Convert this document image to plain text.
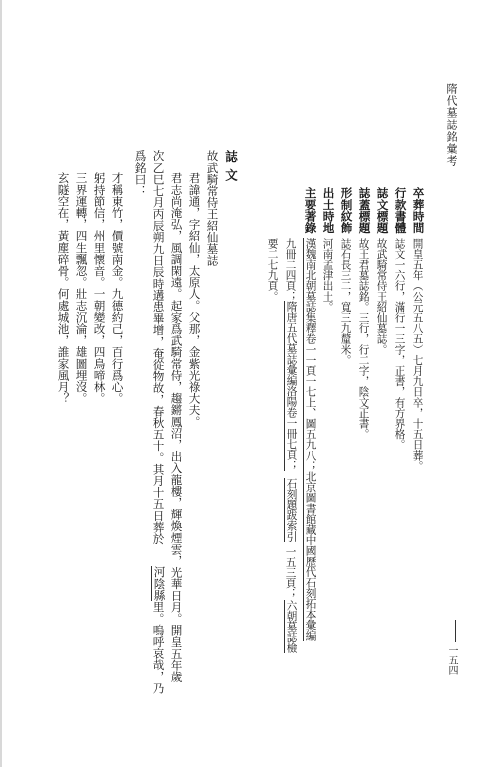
隋代墓誌銘彙考
卒葬時間
開皇五年（公元五八五）七月九日卒，十五日葬。
行款書體
誌文一六行，滿行一三字，正書，有方界格。
誌文標題
故武騎常侍王紹仙墓誌。
誌蓋標題
故王君墓誌銘。三行，行二字，陰文正書。
形制紋飾
誌石長三二，寬三九釐米。
出土時地
河南孟津出土。
主要著錄
漢魏南北朝墓誌集釋卷一一頁一七上、圖五九八；北京圖書館藏中國歷代石刻拓本彙編
九冊二四頁；
隋唐五代墓誌彙編洛陽卷一冊七頁；
石刻題跋索引
一五三頁；
六朝墓誌檢
要二七九頁。
誌文
故武騎常侍王紹仙墓誌
君諱通，字紹仙，太原人。父那，金紫光祿大夫。
君志尚淹弘，風調閑遠。起家爲武騎常侍，趨鏘鳳沼，出入龍樓，輝煥煙雲，光華日月。開皇五年歲
次乙巳七月丙辰朔九日辰時遘患畢增，奄從物故，春秋五十。其月十五日葬於
河陰縣
里。嗚呼哀哉，乃
爲銘曰：
才稱東竹，價號南金。九德約己，百行爲心。
躬持節信，州里懷音。一朝變改，四鳥啼林。
三界運轉，四生飄忽。壯志沉淪，雄圖埋沒。
玄隧空在，黃塵碎骨。何處城池，誰家風月？
一五四
